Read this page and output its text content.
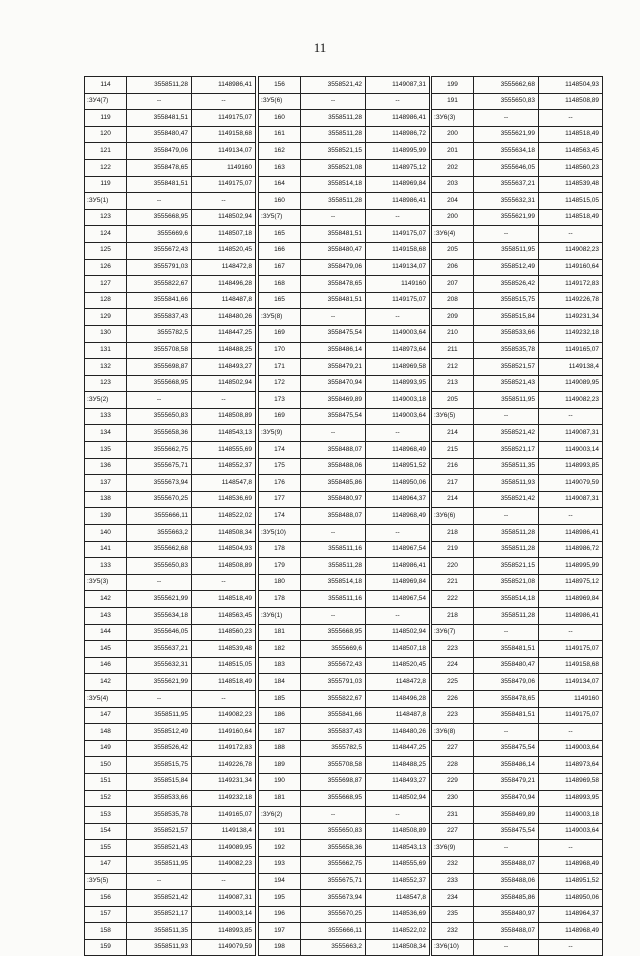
11
114	3558511,28	1148986,41
:ЗУ4(7)	--	--
119	3558481,51	1149175,07
120	3558480,47	1149158,68
121	3558479,06	1149134,07
122	3558478,65	1149160
119	3558481,51	1149175,07
:ЗУ5(1)	--	--
123	3555668,95	1148502,94
124	3555669,6	1148507,18
125	3555672,43	1148520,45
126	3555791,03	1148472,8
127	3555822,67	1148496,28
128	3555841,66	1148487,8
129	3555837,43	1148480,26
130	3555782,5	1148447,25
131	3555708,58	1148488,25
132	3555698,87	1148493,27
123	3555668,95	1148502,94
:ЗУ5(2)	--	--
133	3555650,83	1148508,89
134	3555658,36	1148543,13
135	3555662,75	1148555,69
136	3555675,71	1148552,37
137	3555673,94	1148547,8
138	3555670,25	1148536,69
139	3555666,11	1148522,02
140	3555663,2	1148508,34
141	3555662,68	1148504,93
133	3555650,83	1148508,89
:ЗУ5(3)	--	--
142	3555621,99	1148518,49
143	3555634,18	1148563,45
144	3555646,05	1148560,23
145	3555637,21	1148539,48
146	3555632,31	1148515,05
142	3555621,99	1148518,49
:ЗУ5(4)	--	--
147	3558511,95	1149082,23
148	3558512,49	1149160,64
149	3558526,42	1149172,83
150	3558515,75	1149226,78
151	3558515,84	1149231,34
152	3558533,66	1149232,18
153	3558535,78	1149165,07
154	3558521,57	1149138,4
155	3558521,43	1149089,95
147	3558511,95	1149082,23
:ЗУ5(5)	--	--
156	3558521,42	1149087,31
157	3558521,17	1149003,14
158	3558511,35	1148993,85
159	3558511,93	1149079,59
156	3558521,42	1149087,31
:ЗУ5(6)	--	--
160	3558511,28	1148986,41
161	3558511,28	1148986,72
162	3558521,15	1148995,99
163	3558521,08	1148975,12
164	3558514,18	1148969,84
160	3558511,28	1148986,41
:ЗУ5(7)	--	--
165	3558481,51	1149175,07
166	3558480,47	1149158,68
167	3558479,06	1149134,07
168	3558478,65	1149160
165	3558481,51	1149175,07
:ЗУ5(8)	--	--
169	3558475,54	1149003,64
170	3558486,14	1148973,64
171	3558479,21	1148969,58
172	3558470,94	1148993,95
173	3558469,89	1149003,18
169	3558475,54	1149003,64
:ЗУ5(9)	--	--
174	3558488,07	1148968,49
175	3558488,06	1148951,52
176	3558485,86	1148950,06
177	3558480,97	1148964,37
174	3558488,07	1148968,49
:ЗУ5(10)	--	--
178	3558511,16	1148967,54
179	3558511,28	1148986,41
180	3558514,18	1148969,84
178	3558511,16	1148967,54
:ЗУ6(1)	--	--
181	3555668,95	1148502,94
182	3555669,6	1148507,18
183	3555672,43	1148520,45
184	3555791,03	1148472,8
185	3555822,67	1148496,28
186	3555841,66	1148487,8
187	3555837,43	1148480,26
188	3555782,5	1148447,25
189	3555708,58	1148488,25
190	3555698,87	1148493,27
181	3555668,95	1148502,94
:ЗУ6(2)	--	--
191	3555650,83	1148508,89
192	3555658,36	1148543,13
193	3555662,75	1148555,69
194	3555675,71	1148552,37
195	3555673,94	1148547,8
196	3555670,25	1148536,69
197	3555666,11	1148522,02
198	3555663,2	1148508,34
199	3555662,68	1148504,93
191	3555650,83	1148508,89
:ЗУ6(3)	--	--
200	3555621,99	1148518,49
201	3555634,18	1148563,45
202	3555646,05	1148560,23
203	3555637,21	1148539,48
204	3555632,31	1148515,05
200	3555621,99	1148518,49
:ЗУ6(4)	--	--
205	3558511,95	1149082,23
206	3558512,49	1149160,64
207	3558526,42	1149172,83
208	3558515,75	1149226,78
209	3558515,84	1149231,34
210	3558533,66	1149232,18
211	3558535,78	1149165,07
212	3558521,57	1149138,4
213	3558521,43	1149089,95
205	3558511,95	1149082,23
:ЗУ6(5)	--	--
214	3558521,42	1149087,31
215	3558521,17	1149003,14
216	3558511,35	1148993,85
217	3558511,93	1149079,59
214	3558521,42	1149087,31
:ЗУ6(6)	--	--
218	3558511,28	1148986,41
219	3558511,28	1148986,72
220	3558521,15	1148995,99
221	3558521,08	1148975,12
222	3558514,18	1148969,84
218	3558511,28	1148986,41
:ЗУ6(7)	--	--
223	3558481,51	1149175,07
224	3558480,47	1149158,68
225	3558479,06	1149134,07
226	3558478,65	1149160
223	3558481,51	1149175,07
:ЗУ6(8)	--	--
227	3558475,54	1149003,64
228	3558486,14	1148973,64
229	3558479,21	1148969,58
230	3558470,94	1148993,95
231	3558469,89	1149003,18
227	3558475,54	1149003,64
:ЗУ6(9)	--	--
232	3558488,07	1148968,49
233	3558488,06	1148951,52
234	3558485,86	1148950,06
235	3558480,97	1148964,37
232	3558488,07	1148968,49
:ЗУ6(10)	--	--
